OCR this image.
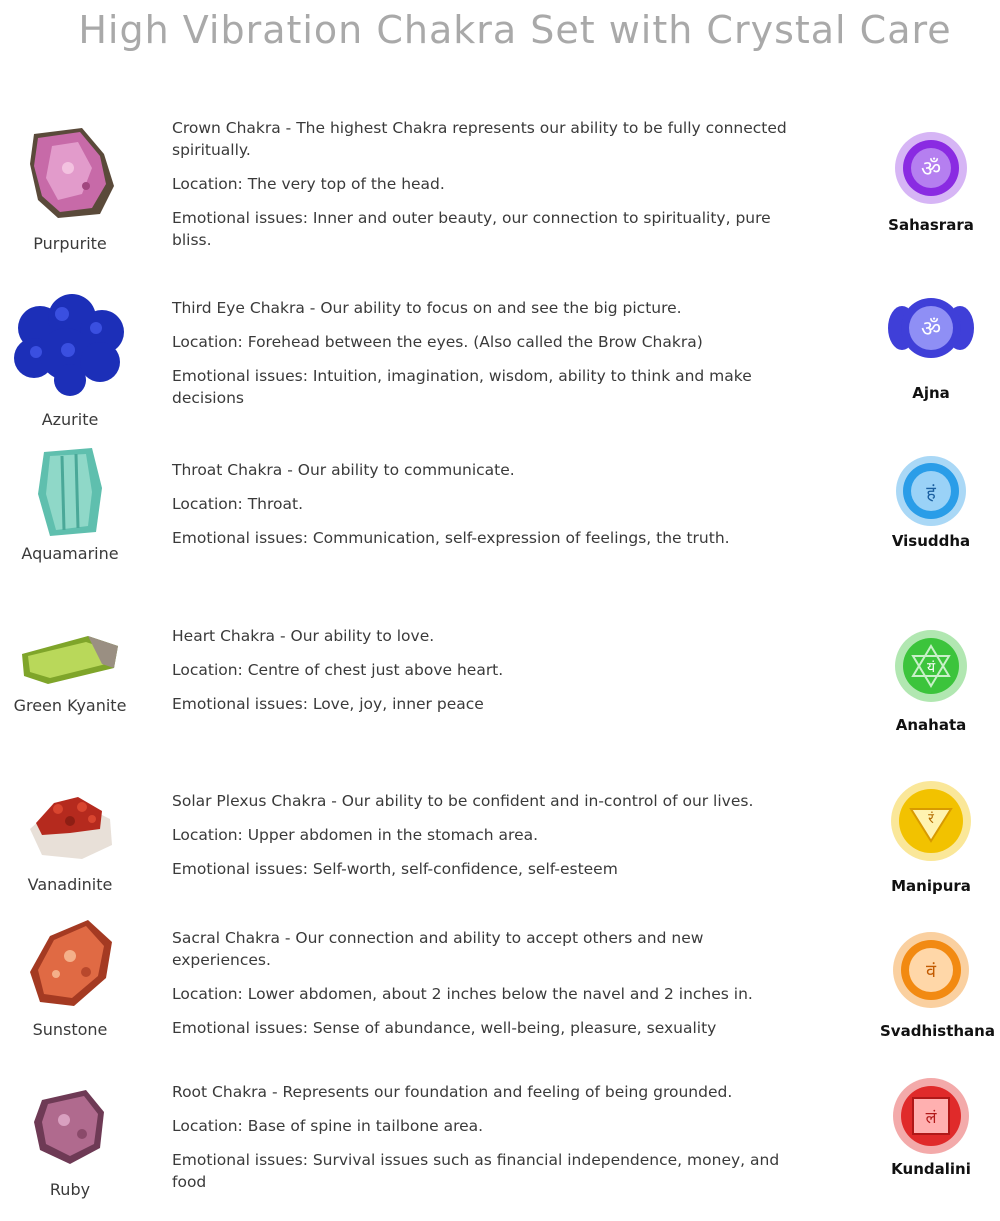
High Vibration Chakra Set with Crystal Care
Purpurite

Crown Chakra - The highest Chakra represents our ability to be fully connected spiritually.

Location: The very top of the head.

Emotional issues: Inner and outer beauty, our connection to spirituality, pure bliss.

ॐ
Sahasrara
Azurite

Third Eye Chakra - Our ability to focus on and see the big picture.

Location: Forehead between the eyes. (Also called the Brow Chakra)

Emotional issues: Intuition, imagination, wisdom, ability to think and make decisions

ॐ
Ajna
Aquamarine

Throat Chakra - Our ability to communicate.

Location: Throat.

Emotional issues: Communication, self-expression of feelings, the truth.

हं
Visuddha
Green Kyanite

Heart Chakra - Our ability to love.

Location: Centre of chest just above heart.

Emotional issues: Love, joy, inner peace

यं
Anahata
Vanadinite

Solar Plexus Chakra - Our ability to be confident and in-control of our lives.

Location: Upper abdomen in the stomach area.

Emotional issues: Self-worth, self-confidence, self-esteem

रं
Manipura
Sunstone

Sacral Chakra - Our connection and ability to accept others and new experiences.

Location: Lower abdomen, about 2 inches below the navel and 2 inches in.

Emotional issues: Sense of abundance, well-being, pleasure, sexuality

वं
Svadhisthana
Ruby

Root Chakra - Represents our foundation and feeling of being grounded.

Location: Base of spine in tailbone area.

Emotional issues: Survival issues such as financial independence, money, and food

लं
Kundalini
